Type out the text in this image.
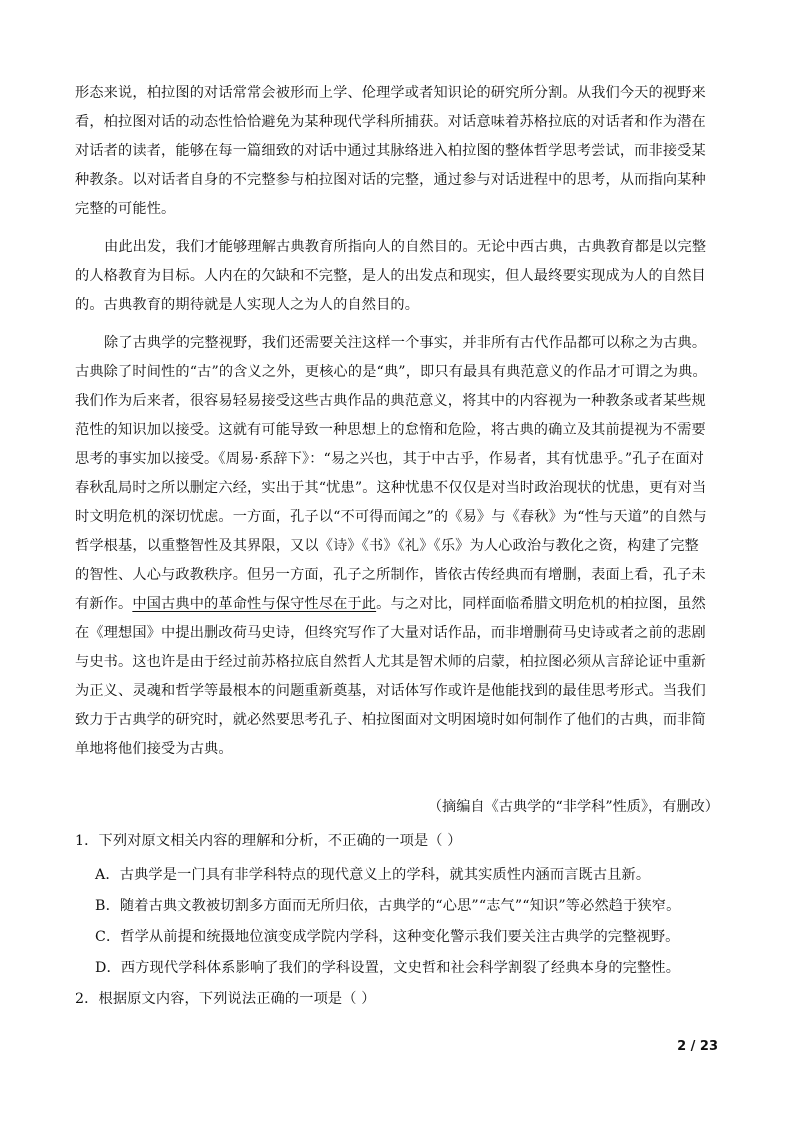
形态来说，柏拉图的对话常常会被形而上学、伦理学或者知识论的研究所分割。从我们今天的视野来
看，柏拉图对话的动态性恰恰避免为某种现代学科所捕获。对话意味着苏格拉底的对话者和作为潜在
对话者的读者，能够在每一篇细致的对话中通过其脉络进入柏拉图的整体哲学思考尝试，而非接受某
种教条。以对话者自身的不完整参与柏拉图对话的完整，通过参与对话进程中的思考，从而指向某种
完整的可能性。
由此出发，我们才能够理解古典教育所指向人的自然目的。无论中西古典，古典教育都是以完整
的人格教育为目标。人内在的欠缺和不完整，是人的出发点和现实，但人最终要实现成为人的自然目
的。古典教育的期待就是人实现人之为人的自然目的。
除了古典学的完整视野，我们还需要关注这样一个事实，并非所有古代作品都可以称之为古典。
古典除了时间性的“古”的含义之外，更核心的是“典”，即只有最具有典范意义的作品才可谓之为典。
我们作为后来者，很容易轻易接受这些古典作品的典范意义，将其中的内容视为一种教条或者某些规
范性的知识加以接受。这就有可能导致一种思想上的怠惰和危险，将古典的确立及其前提视为不需要
思考的事实加以接受。《周易·系辞下》：“易之兴也，其于中古乎，作易者，其有忧患乎。”孔子在面对
春秋乱局时之所以删定六经，实出于其“忧患”。这种忧患不仅仅是对当时政治现状的忧患，更有对当
时文明危机的深切忧虑。一方面，孔子以“不可得而闻之”的《易》与《春秋》为“性与天道”的自然与
哲学根基，以重整智性及其界限，又以《诗》《书》《礼》《乐》为人心政治与教化之资，构建了完整
的智性、人心与政教秩序。但另一方面，孔子之所制作，皆依古传经典而有增删，表面上看，孔子未
有新作。中国古典中的革命性与保守性尽在于此。与之对比，同样面临希腊文明危机的柏拉图，虽然
在《理想国》中提出删改荷马史诗，但终究写作了大量对话作品，而非增删荷马史诗或者之前的悲剧
与史书。这也许是由于经过前苏格拉底自然哲人尤其是智术师的启蒙，柏拉图必须从言辞论证中重新
为正义、灵魂和哲学等最根本的问题重新奠基，对话体写作或许是他能找到的最佳思考形式。当我们
致力于古典学的研究时，就必然要思考孔子、柏拉图面对文明困境时如何制作了他们的古典，而非简
单地将他们接受为古典。
（摘编自《古典学的“非学科”性质》，有删改）
1．下列对原文相关内容的理解和分析，不正确的一项是（ ）
A．古典学是一门具有非学科特点的现代意义上的学科，就其实质性内涵而言既古且新。
B．随着古典文教被切割多方面而无所归依，古典学的“心思”“志气”“知识”等必然趋于狭窄。
C．哲学从前提和统摄地位演变成学院内学科，这种变化警示我们要关注古典学的完整视野。
D．西方现代学科体系影响了我们的学科设置，文史哲和社会科学割裂了经典本身的完整性。
2．根据原文内容，下列说法正确的一项是（ ）
2 / 23
